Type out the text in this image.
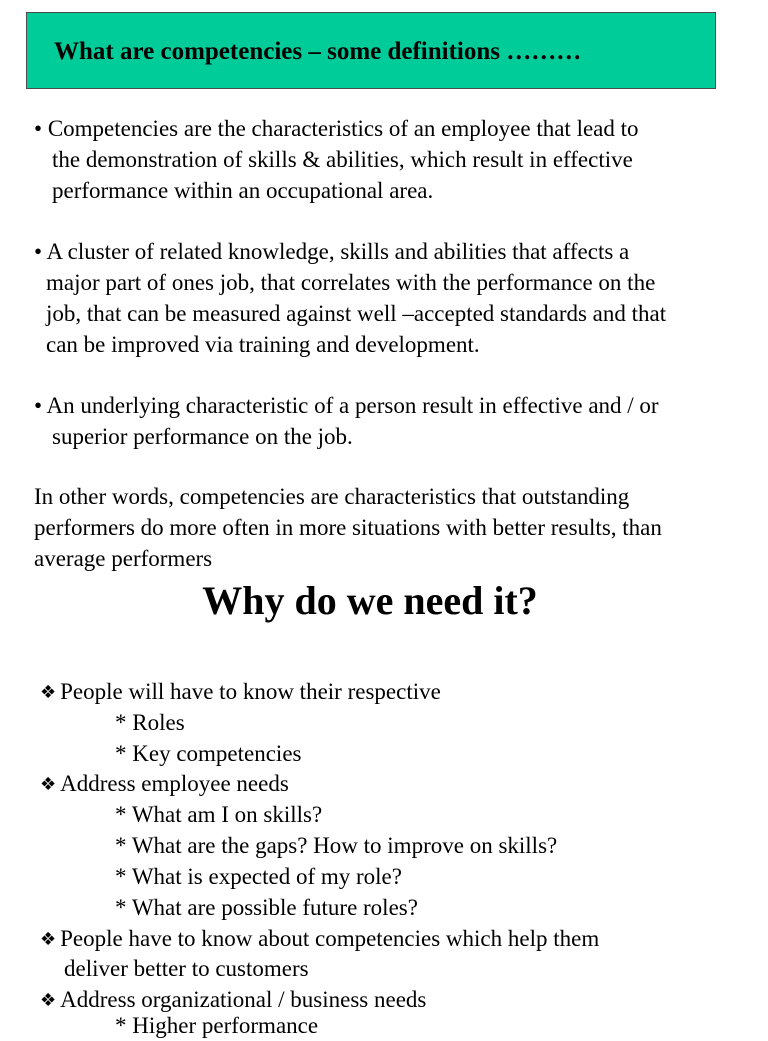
What are competencies – some definitions ………
• Competencies are the characteristics of an employee that lead to
the demonstration of skills & abilities, which result in effective
performance within an occupational area.
• A cluster of related knowledge, skills and abilities that affects a
major part of ones job, that correlates with the performance on the
job, that can be measured against well –accepted standards and that
can be improved via training and development.
• An underlying characteristic of a person result in effective and / or
superior performance on the job.
In other words, competencies are characteristics that outstanding
performers do more often in more situations with better results, than
average performers
Why do we need it?
❖ People will have to know their respective
* Roles
* Key competencies
❖ Address employee needs
* What am I on skills?
* What are the gaps? How to improve on skills?
* What is expected of my role?
* What are possible future roles?
❖ People have to know about competencies which help them
deliver better to customers
❖ Address organizational / business needs
* Higher performance
